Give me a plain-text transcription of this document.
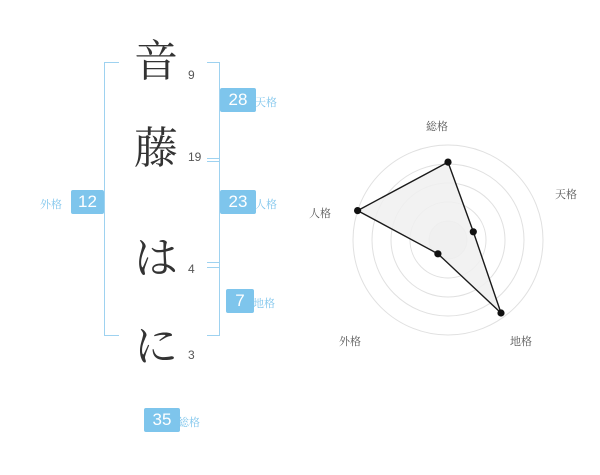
音
藤
は
に
9
19
4
3
外格 12
28 天格
23 人格
7 地格
35 総格
総格
天格
地格
外格
人格
